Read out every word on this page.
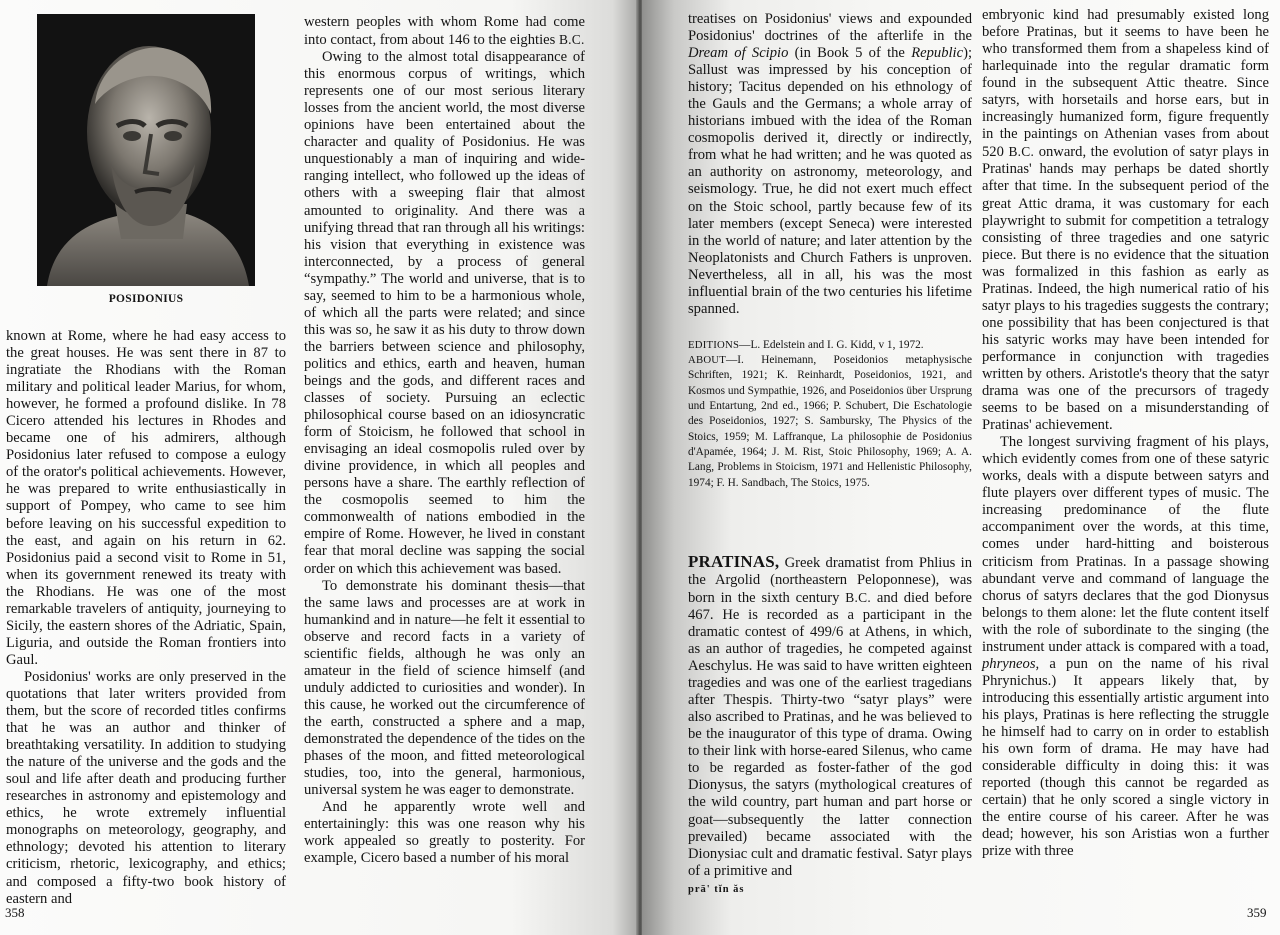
POSIDONIUS

known at Rome, where he had easy access to the great houses. He was sent there in 87 to ingratiate the Rhodians with the Roman military and political leader Marius, for whom, however, he formed a profound dislike. In 78 Cicero attended his lectures in Rhodes and became one of his admirers, although Posidonius later refused to compose a eulogy of the orator's political achievements. However, he was prepared to write enthusiastically in support of Pompey, who came to see him before leaving on his successful expedition to the east, and again on his return in 62. Posidonius paid a second visit to Rome in 51, when its government renewed its treaty with the Rhodians. He was one of the most remarkable travelers of antiquity, journeying to Sicily, the eastern shores of the Adriatic, Spain, Liguria, and outside the Roman frontiers into Gaul.

Posidonius' works are only preserved in the quotations that later writers provided from them, but the score of recorded titles confirms that he was an author and thinker of breathtaking versatility. In addition to studying the nature of the universe and the gods and the soul and life after death and producing further researches in astronomy and epistemology and ethics, he wrote extremely influential monographs on meteorology, geography, and ethnology; devoted his attention to literary criticism, rhetoric, lexicography, and ethics; and composed a fifty-two book history of eastern and

western peoples with whom Rome had come into contact, from about 146 to the eighties B.C.

Owing to the almost total disappearance of this enormous corpus of writings, which represents one of our most serious literary losses from the ancient world, the most diverse opinions have been entertained about the character and quality of Posidonius. He was unquestionably a man of inquiring and wide-ranging intellect, who followed up the ideas of others with a sweeping flair that almost amounted to originality. And there was a unifying thread that ran through all his writings: his vision that everything in existence was interconnected, by a process of general “sympathy.” The world and universe, that is to say, seemed to him to be a harmonious whole, of which all the parts were related; and since this was so, he saw it as his duty to throw down the barriers between science and philosophy, politics and ethics, earth and heaven, human beings and the gods, and different races and classes of society. Pursuing an eclectic philosophical course based on an idiosyncratic form of Stoicism, he followed that school in envisaging an ideal cosmopolis ruled over by divine providence, in which all peoples and persons have a share. The earthly reflection of the cosmopolis seemed to him the commonwealth of nations embodied in the empire of Rome. However, he lived in constant fear that moral decline was sapping the social order on which this achievement was based.

To demonstrate his dominant thesis—that the same laws and processes are at work in humankind and in nature—he felt it essential to observe and record facts in a variety of scientific fields, although he was only an amateur in the field of science himself (and unduly addicted to curiosities and wonder). In this cause, he worked out the circumference of the earth, constructed a sphere and a map, demonstrated the dependence of the tides on the phases of the moon, and fitted meteorological studies, too, into the general, harmonious, universal system he was eager to demonstrate.

And he apparently wrote well and entertainingly: this was one reason why his work appealed so greatly to posterity. For example, Cicero based a number of his moral

358

treatises on Posidonius' views and expounded Posidonius' doctrines of the afterlife in the Dream of Scipio (in Book 5 of the Republic); Sallust was impressed by his conception of history; Tacitus depended on his ethnology of the Gauls and the Germans; a whole array of historians imbued with the idea of the Roman cosmopolis derived it, directly or indirectly, from what he had written; and he was quoted as an authority on astronomy, meteorology, and seismology. True, he did not exert much effect on the Stoic school, partly because few of its later members (except Seneca) were interested in the world of nature; and later attention by the Neoplatonists and Church Fathers is unproven. Nevertheless, all in all, his was the most influential brain of the two centuries his lifetime spanned.

EDITIONS—L. Edelstein and I. G. Kidd, v 1, 1972.
ABOUT—I. Heinemann, Poseidonios metaphysische Schriften, 1921; K. Reinhardt, Poseidonios, 1921, and Kosmos und Sympathie, 1926, and Poseidonios über Ursprung und Entartung, 2nd ed., 1966; P. Schubert, Die Eschatologie des Poseidonios, 1927; S. Sambursky, The Physics of the Stoics, 1959; M. Laffranque, La philosophie de Posidonius d'Apamée, 1964; J. M. Rist, Stoic Philosophy, 1969; A. A. Lang, Problems in Stoicism, 1971 and Hellenistic Philosophy, 1974; F. H. Sandbach, The Stoics, 1975.

PRATINAS, Greek dramatist from Phlius in the Argolid (northeastern Peloponnese), was born in the sixth century B.C. and died before 467. He is recorded as a participant in the dramatic contest of 499/6 at Athens, in which, as an author of tragedies, he competed against Aeschylus. He was said to have written eighteen tragedies and was one of the earliest tragedians after Thespis. Thirty-two “satyr plays” were also ascribed to Pratinas, and he was believed to be the inaugurator of this type of drama. Owing to their link with horse-eared Silenus, who came to be regarded as foster-father of the god Dionysus, the satyrs (mythological creatures of the wild country, part human and part horse or goat—subsequently the latter connection prevailed) became associated with the Dionysiac cult and dramatic festival. Satyr plays of a primitive and

prā' tĭn ăs

embryonic kind had presumably existed long before Pratinas, but it seems to have been he who transformed them from a shapeless kind of harlequinade into the regular dramatic form found in the subsequent Attic theatre. Since satyrs, with horsetails and horse ears, but in increasingly humanized form, figure frequently in the paintings on Athenian vases from about 520 B.C. onward, the evolution of satyr plays in Pratinas' hands may perhaps be dated shortly after that time. In the subsequent period of the great Attic drama, it was customary for each playwright to submit for competition a tetralogy consisting of three tragedies and one satyric piece. But there is no evidence that the situation was formalized in this fashion as early as Pratinas. Indeed, the high numerical ratio of his satyr plays to his tragedies suggests the contrary; one possibility that has been conjectured is that his satyric works may have been intended for performance in conjunction with tragedies written by others. Aristotle's theory that the satyr drama was one of the precursors of tragedy seems to be based on a misunderstanding of Pratinas' achievement.

The longest surviving fragment of his plays, which evidently comes from one of these satyric works, deals with a dispute between satyrs and flute players over different types of music. The increasing predominance of the flute accompaniment over the words, at this time, comes under hard-hitting and boisterous criticism from Pratinas. In a passage showing abundant verve and command of language the chorus of satyrs declares that the god Dionysus belongs to them alone: let the flute content itself with the role of subordinate to the singing (the instrument under attack is compared with a toad, phryneos, a pun on the name of his rival Phrynichus.) It appears likely that, by introducing this essentially artistic argument into his plays, Pratinas is here reflecting the struggle he himself had to carry on in order to establish his own form of drama. He may have had considerable difficulty in doing this: it was reported (though this cannot be regarded as certain) that he only scored a single victory in the entire course of his career. After he was dead; however, his son Aristias won a further prize with three

359
